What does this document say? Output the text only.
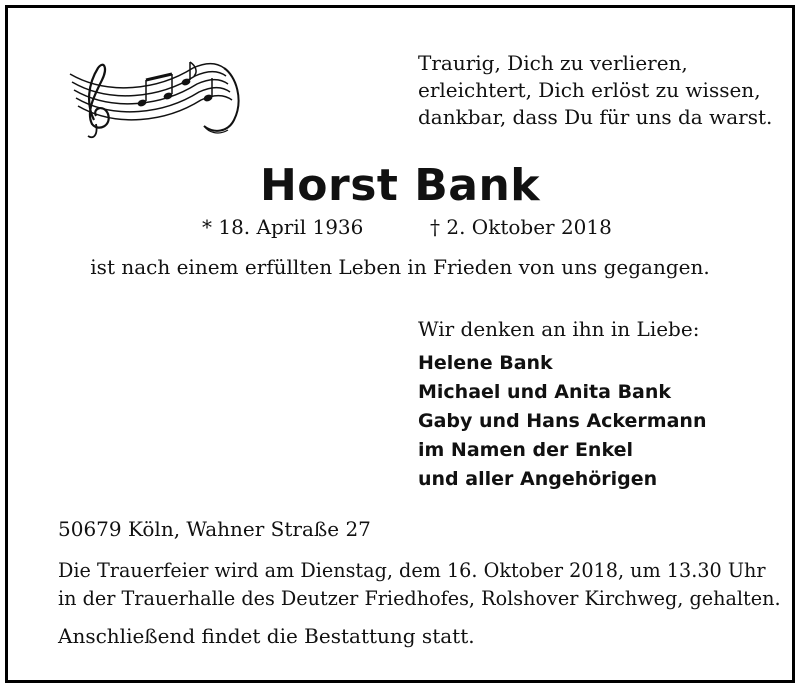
Traurig, Dich zu verlieren,
erleichtert, Dich erlöst zu wissen,
dankbar, dass Du für uns da warst.
Horst Bank
* 18. April 1936	† 2. Oktober 2018
ist nach einem erfüllten Leben in Frieden von uns gegangen.
Wir denken an ihn in Liebe:
Helene Bank
Michael und Anita Bank
Gaby und Hans Ackermann
im Namen der Enkel
und aller Angehörigen
50679 Köln, Wahner Straße 27
Die Trauerfeier wird am Dienstag, dem 16. Oktober 2018, um 13.30 Uhr
in der Trauerhalle des Deutzer Friedhofes, Rolshover Kirchweg, gehalten.
Anschließend findet die Bestattung statt.
